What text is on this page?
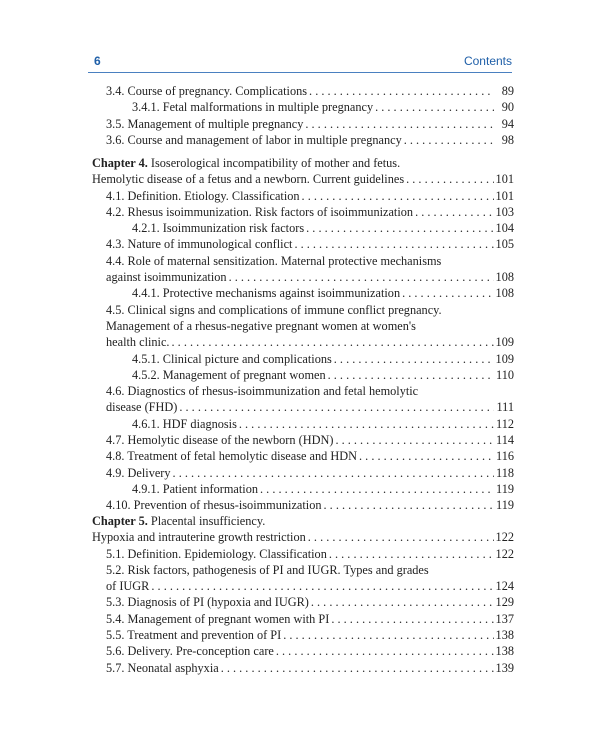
6	Contents
3.4. Course of pregnancy. Complications . . .	89
3.4.1. Fetal malformations in multiple pregnancy . . .	90
3.5. Management of multiple pregnancy . . .	94
3.6. Course and management of labor in multiple pregnancy . . .	98
Chapter 4. Isoserological incompatibility of mother and fetus.
Hemolytic disease of a fetus and a newborn. Current guidelines . . .	101
4.1. Definition. Etiology. Classification . . .	101
4.2. Rhesus isoimmunization. Risk factors of isoimmunization . . .	103
4.2.1. Isoimmunization risk factors . . .	104
4.3. Nature of immunological conflict . . .	105
4.4. Role of maternal sensitization. Maternal protective mechanisms
against isoimmunization . . .	108
4.4.1. Protective mechanisms against isoimmunization . . .	108
4.5. Clinical signs and complications of immune conflict pregnancy.
Management of a rhesus-negative pregnant women at women's
health clinic. . . .	109
4.5.1. Clinical picture and complications . . .	109
4.5.2. Management of pregnant women . . .	110
4.6. Diagnostics of rhesus-isoimmunization and fetal hemolytic
disease (FHD) . . .	111
4.6.1. HDF diagnosis . . .	112
4.7. Hemolytic disease of the newborn (HDN) . . .	114
4.8. Treatment of fetal hemolytic disease and HDN . . .	116
4.9. Delivery . . .	118
4.9.1. Patient information . . .	119
4.10. Prevention of rhesus-isoimmunization . . .	119
Chapter 5. Placental insufficiency.
Hypoxia and intrauterine growth restriction . . .	122
5.1. Definition. Epidemiology. Classification . . .	122
5.2. Risk factors, pathogenesis of PI and IUGR. Types and grades
of IUGR . . .	124
5.3. Diagnosis of PI (hypoxia and IUGR) . . .	129
5.4. Management of pregnant women with PI . . .	137
5.5. Treatment and prevention of PI . . .	138
5.6. Delivery. Pre-conception care . . .	138
5.7. Neonatal asphyxia . . .	139
